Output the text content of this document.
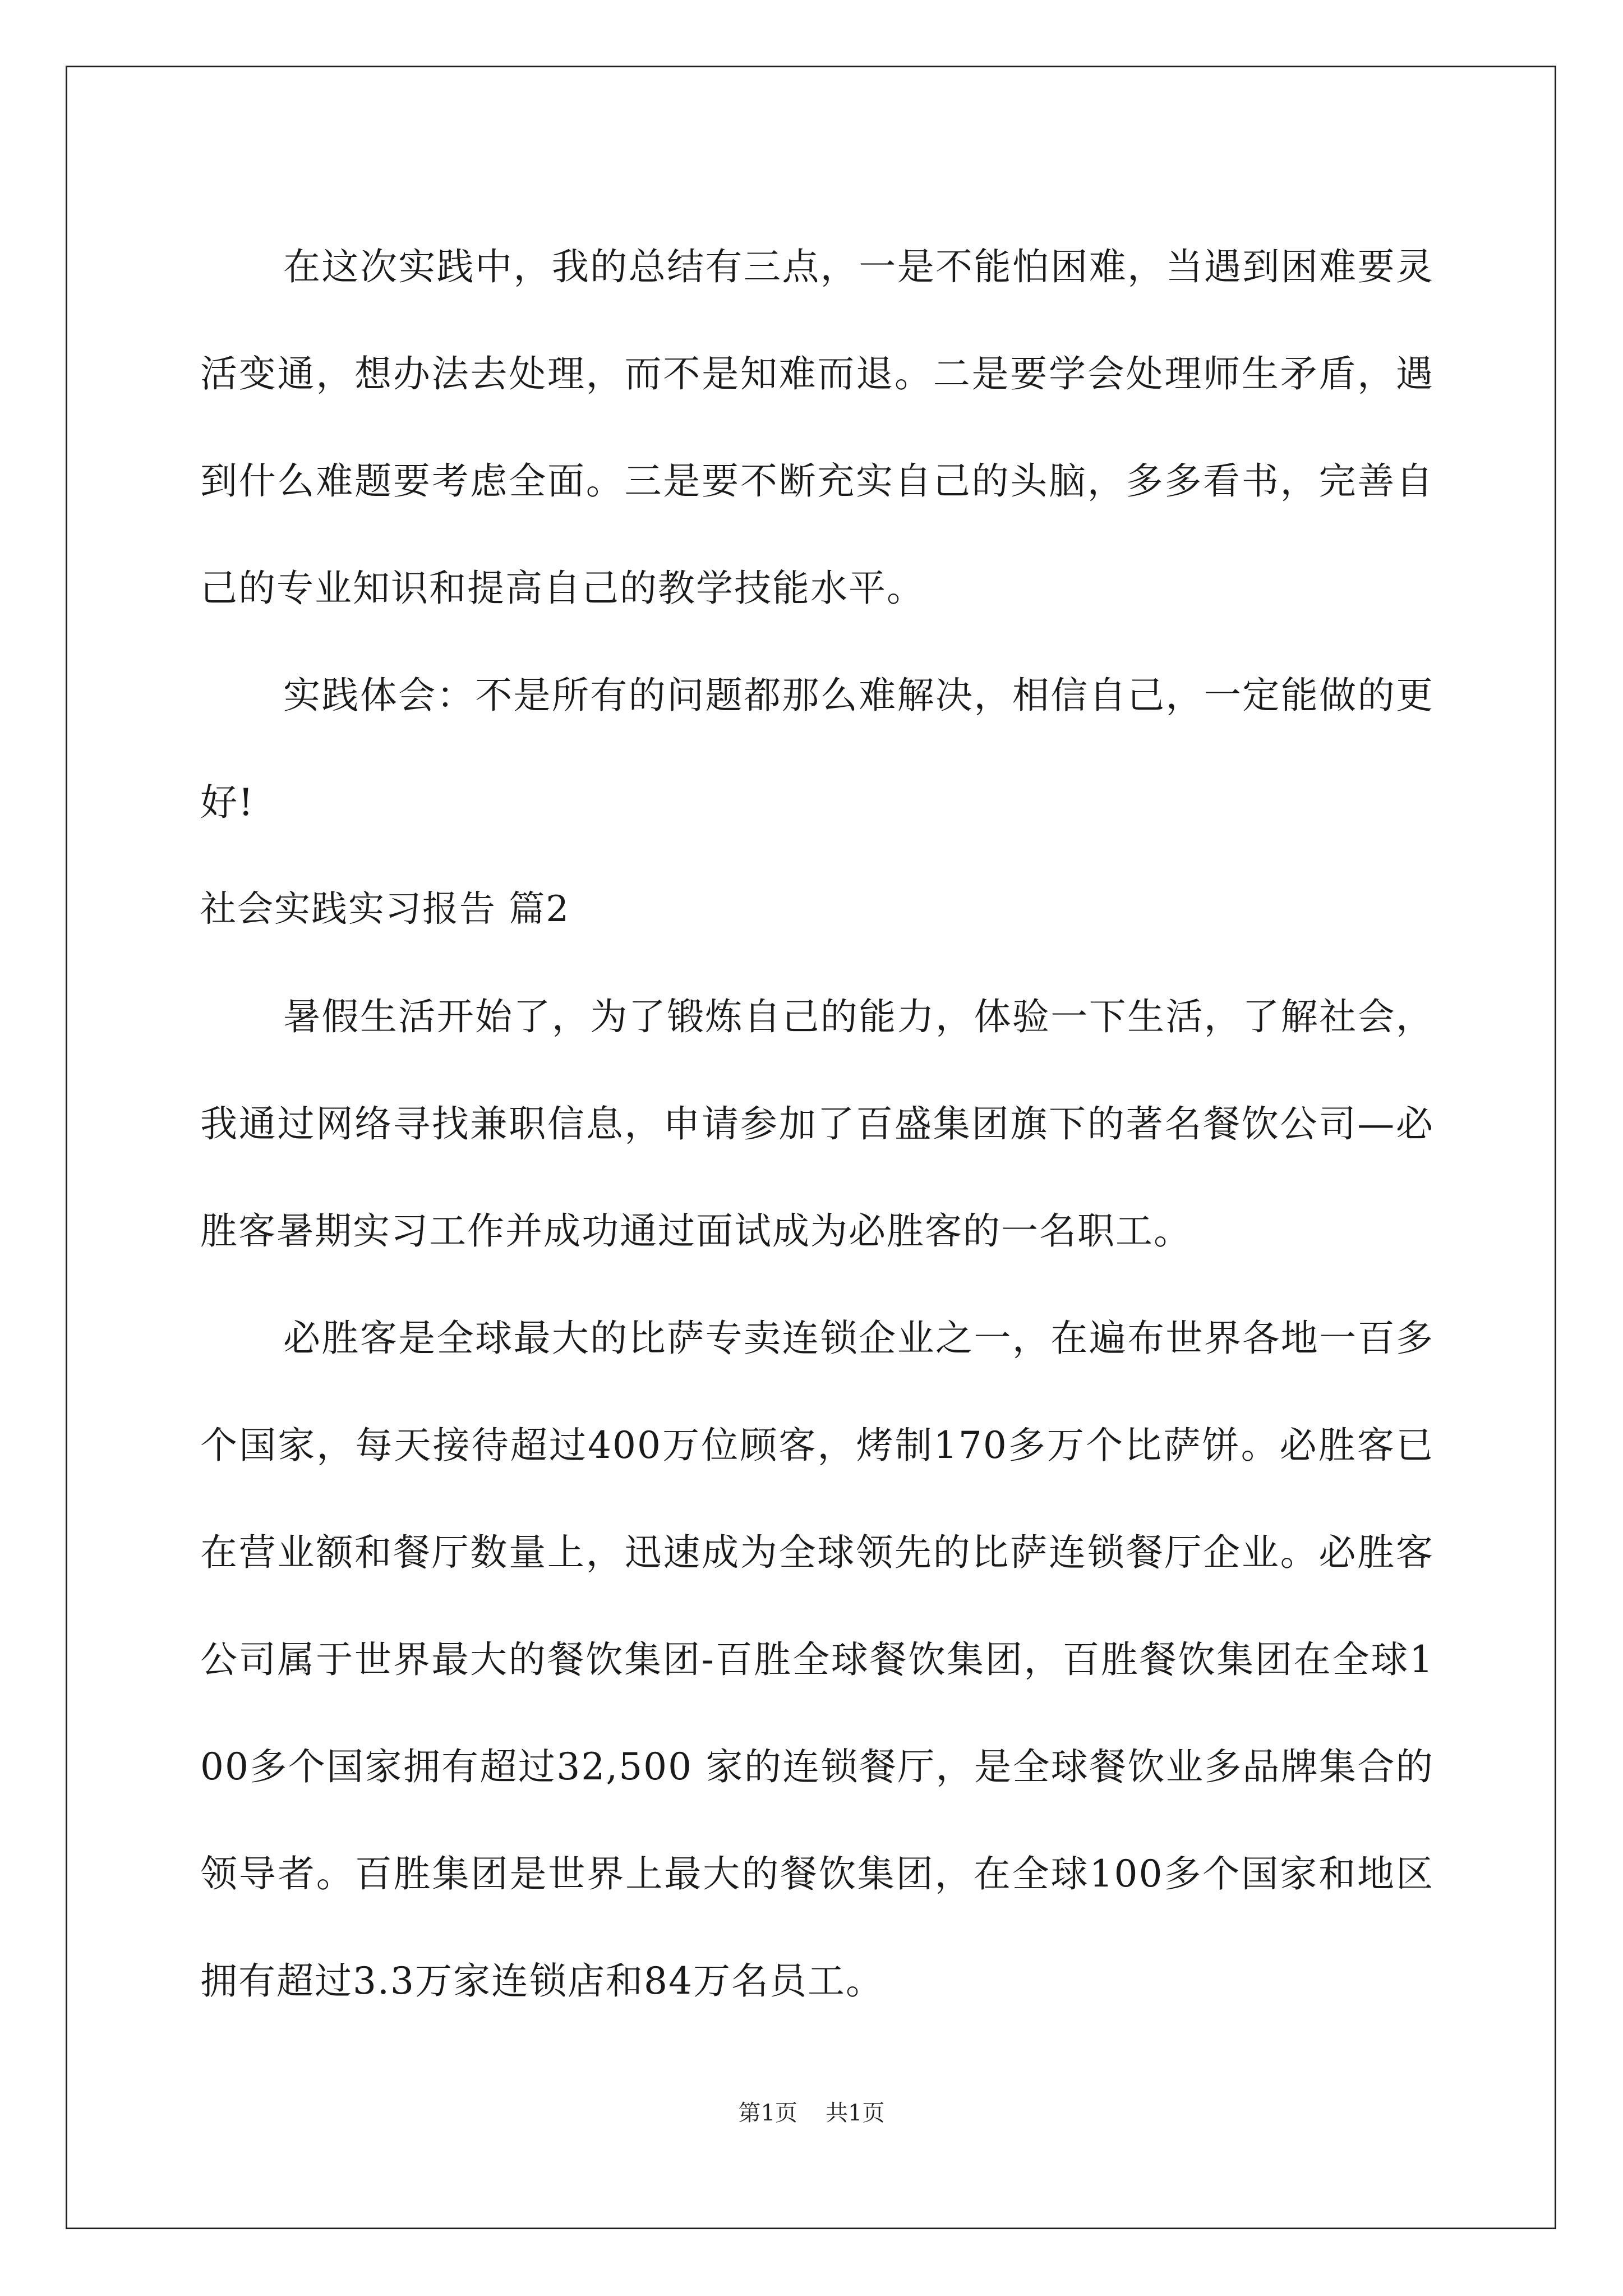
在这次实践中，我的总结有三点，一是不能怕困难，当遇到困难要灵活变通，想办法去处理，而不是知难而退。二是要学会处理师生矛盾，遇到什么难题要考虑全面。三是要不断充实自己的头脑，多多看书，完善自己的专业知识和提高自己的教学技能水平。

实践体会：不是所有的问题都那么难解决，相信自己，一定能做的更好!

社会实践实习报告 篇2

暑假生活开始了，为了锻炼自己的能力，体验一下生活，了解社会，我通过网络寻找兼职信息，申请参加了百盛集团旗下的著名餐饮公司—必胜客暑期实习工作并成功通过面试成为必胜客的一名职工。

必胜客是全球最大的比萨专卖连锁企业之一，在遍布世界各地一百多个国家，每天接待超过400万位顾客，烤制170多万个比萨饼。必胜客已在营业额和餐厅数量上，迅速成为全球领先的比萨连锁餐厅企业。必胜客公司属于世界最大的餐饮集团-百胜全球餐饮集团，百胜餐饮集团在全球100多个国家拥有超过32,500 家的连锁餐厅，是全球餐饮业多品牌集合的领导者。百胜集团是世界上最大的餐饮集团，在全球100多个国家和地区拥有超过3.3万家连锁店和84万名员工。

第1页 共1页
